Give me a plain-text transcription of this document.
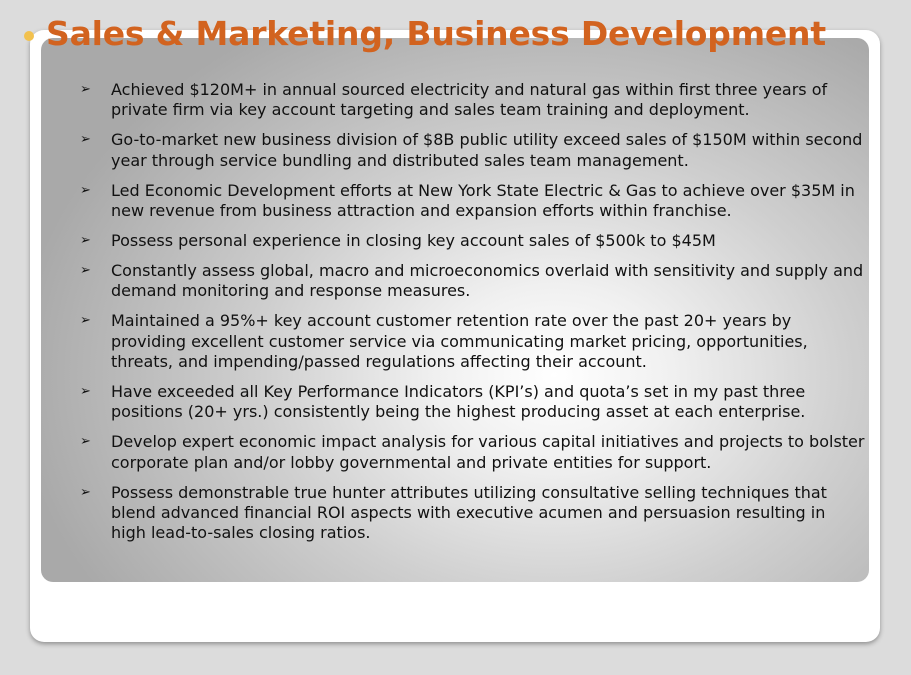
Sales & Marketing, Business Development
➢ Achieved $120M+ in annual sourced electricity and natural gas within first three years of private firm via key account targeting and sales team training and deployment.
➢ Go-to-market new business division of $8B public utility exceed sales of $150M within second year through service bundling and distributed sales team management.
➢ Led Economic Development efforts at New York State Electric & Gas to achieve over $35M in new revenue from business attraction and expansion efforts within franchise.
➢ Possess personal experience in closing key account sales of $500k to $45M
➢ Constantly assess global, macro and microeconomics overlaid with sensitivity and supply and demand monitoring and response measures.
➢ Maintained a 95%+ key account customer retention rate over the past 20+ years by providing excellent customer service via communicating market pricing, opportunities, threats, and impending/passed regulations affecting their account.
➢ Have exceeded all Key Performance Indicators (KPI’s) and quota’s set in my past three positions (20+ yrs.) consistently being the highest producing asset at each enterprise.
➢ Develop expert economic impact analysis for various capital initiatives and projects to bolster corporate plan and/or lobby governmental and private entities for support.
➢ Possess demonstrable true hunter attributes utilizing consultative selling techniques that blend advanced financial ROI aspects with executive acumen and persuasion resulting in high lead-to-sales closing ratios.
